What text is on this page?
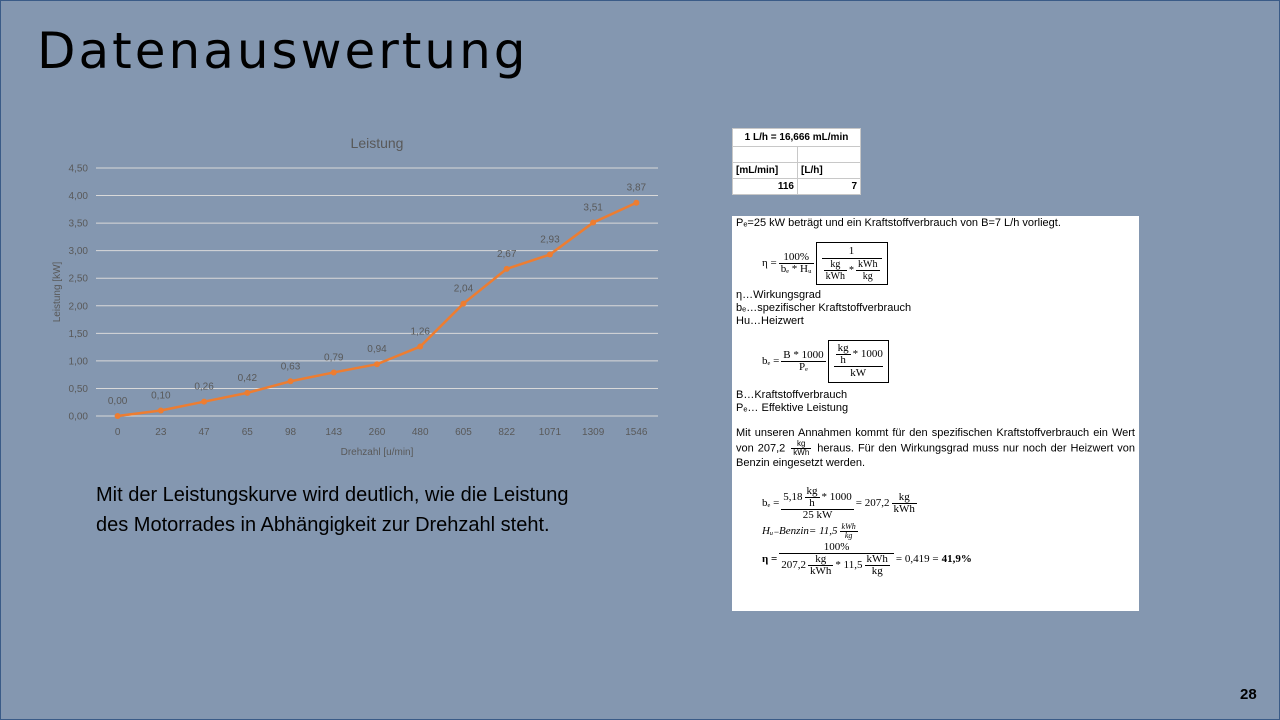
Datenauswertung
Leistung
0,00
0,50
1,00
1,50
2,00
2,50
3,00
3,50
4,00
4,50
0	23	47	65	98	143	260	480	605	822 1071 1309 1546
Drehzahl [u/min]
Leistung [kW]
0,00
0,10
0,26
0,42
0,63
0,79
0,94
1,26
2,04
2,67
2,93
3,51
3,87
Mit der Leistungskurve wird deutlich, wie die Leistung des Motorrades in Abhängigkeit zur Drehzahl steht.
1 L/h = 16,666 mL/min	

[mL/min]	[L/h]
116	7
Pₑ=25 kW beträgt und ein Kraftstoffverbrauch von B=7 L/h vorliegt.
$\eta = \frac{100\%}{\text{bₑ * Hᵤ}}$
1
$\frac{kg}{\text{kWh}} * \frac{\text{kWh}}{kg}$
η…Wirkungsgrad
bₑ…spezifischer Kraftstoffverbrauch
Hu…Heizwert
$b_e = \frac{B * 1000}{\text{Pₑ}} \frac{\frac{kg}{h} * 1000}{kW}$
B…Kraftstoffverbrauch
Pₑ… Effektive Leistung
Mit unseren Annahmen kommt für den spezifischen Kraftstoffverbrauch ein Wert von $207,2 \frac{kg}{\text{kWh}}$ heraus. Für den Wirkungsgrad muss nur noch der Heizwert von Benzin eingesetzt werden.
$b_e = 5,18 \frac{kg}{h} * 1000$
25 kW
= $207,2 \frac{kg}{\text{kWh}}$
Hᵤ₋Benzin= $11,5 \frac{\text{kWh}}{kg}$
η =
100%
$207,2 \frac{kg}{\text{kWh}} * 11,5 \frac{\text{kWh}}{kg} = 0,419 = 41,9\%$
28
